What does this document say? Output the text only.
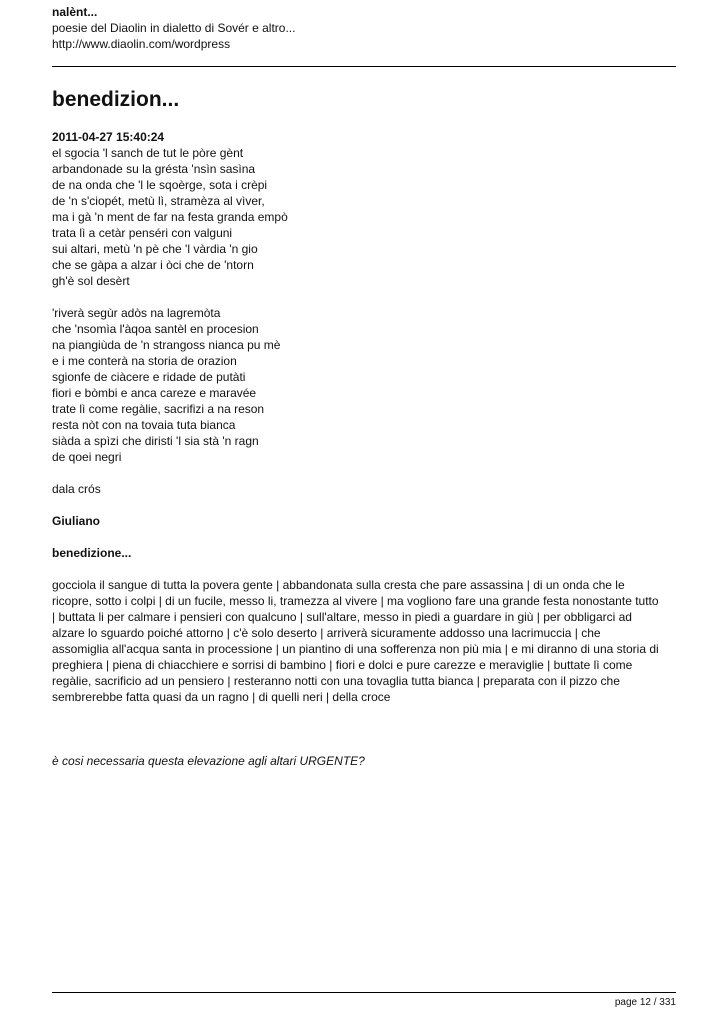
nalènt...
poesie del Diaolin in dialetto di Sovér e altro...
http://www.diaolin.com/wordpress
benedizion...
2011-04-27 15:40:24
el sgocia 'l sanch de tut le pòre gènt
arbandonade su la grésta 'nsìn sasìna
de na onda che 'l le sqoèrge, sota i crèpi
de 'n s'ciopét, metù lì, stramèza al vìver,
ma i gà 'n ment de far na festa granda empò
trata lì a cetàr penséri con valguni
sui altari, metù 'n pè che 'l vàrdia 'n gio
che se gàpa a alzar i òci che de 'ntorn
gh'è sol desèrt
'riverà segùr adòs na lagremòta
che 'nsomìa l'àqoa santèl en procesion
na piangiùda de 'n strangoss nianca pu mè
e i me conterà na storia de orazion
sgionfe de ciàcere e ridade de putàti
fiori e bòmbi e anca careze e maravée
trate lì come regàlie, sacrifizi a na reson
resta nòt con na tovaia tuta bianca
siàda a spìzi che diristi 'l sia stà 'n ragn
de qoei negri
dala crós
Giuliano
benedizione...
gocciola il sangue di tutta la povera gente | abbandonata sulla cresta che pare assassina | di un onda che le
ricopre, sotto i colpi | di un fucile, messo li, tramezza al vivere | ma vogliono fare una grande festa nonostante tutto
| buttata li per calmare i pensieri con qualcuno | sull'altare, messo in piedi a guardare in giù | per obbligarci ad
alzare lo sguardo poiché attorno | c'è solo deserto | arriverà sicuramente addosso una lacrimuccia | che
assomiglia all'acqua santa in processione | un piantino di una sofferenza non più mia | e mi diranno di una storia di
preghiera | piena di chiacchiere e sorrisi di bambino | fiori e dolci e pure carezze e meraviglie | buttate lì come
regàlie, sacrificio ad un pensiero | resteranno notti con una tovaglia tutta bianca | preparata con il pizzo che
sembrerebbe fatta quasi da un ragno | di quelli neri | della croce
è cosi necessaria questa elevazione agli altari URGENTE?
page 12 / 331
